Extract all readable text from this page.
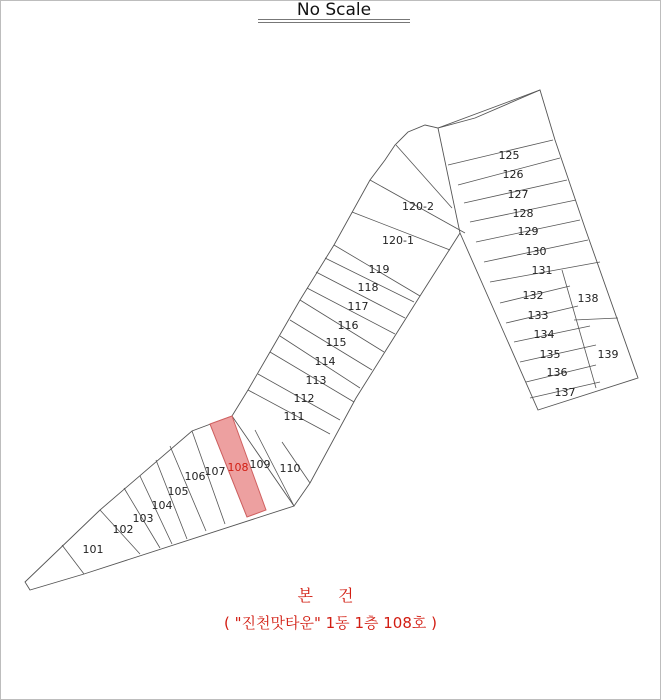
No Scale
101
102
103
104
105
106 107 108 109 110
111
112
113
114
115
116
117
118
119
120-1
120-2
125
126
127
128
129
130
131
132
133
134
135
136
137
138
139
본 건
( "진천맛타운" 1동 1층 108호 )
